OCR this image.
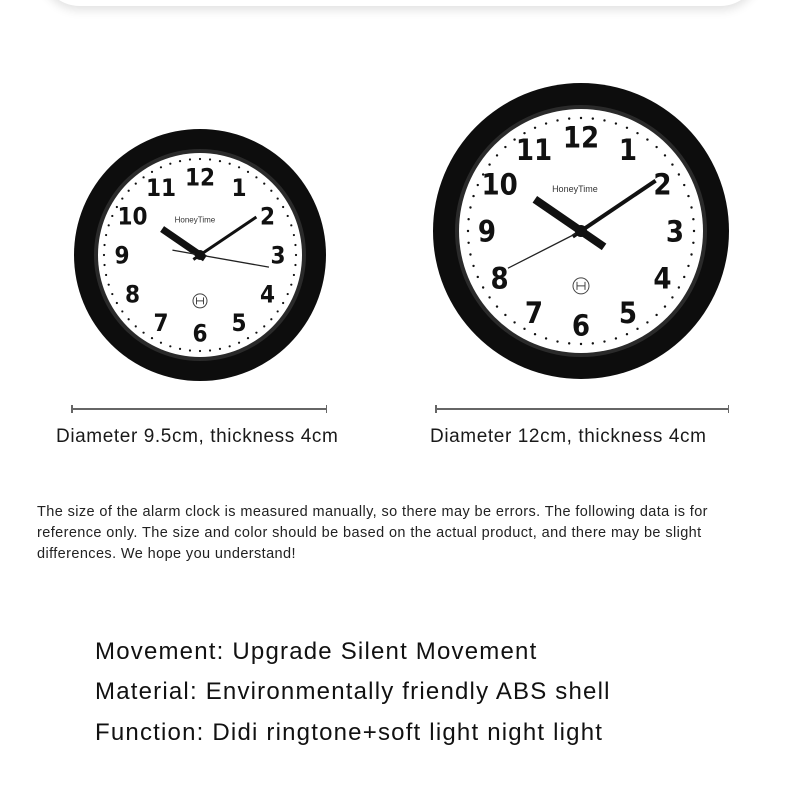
12 1
2
3
4
5
6
7
8
9
10
11
HoneyTime
12 1
2
3
4
5
6
7
8
9
10
11
HoneyTime
Diameter 9.5cm, thickness 4cm	Diameter 12cm, thickness 4cm
The size of the alarm clock is measured manually, so there may be errors. The following data is for reference only. The size and color should be based on the actual product, and there may be slight differences. We hope you understand!
Movement: Upgrade Silent Movement
Material: Environmentally friendly ABS shell
Function: Didi ringtone+soft light night light
